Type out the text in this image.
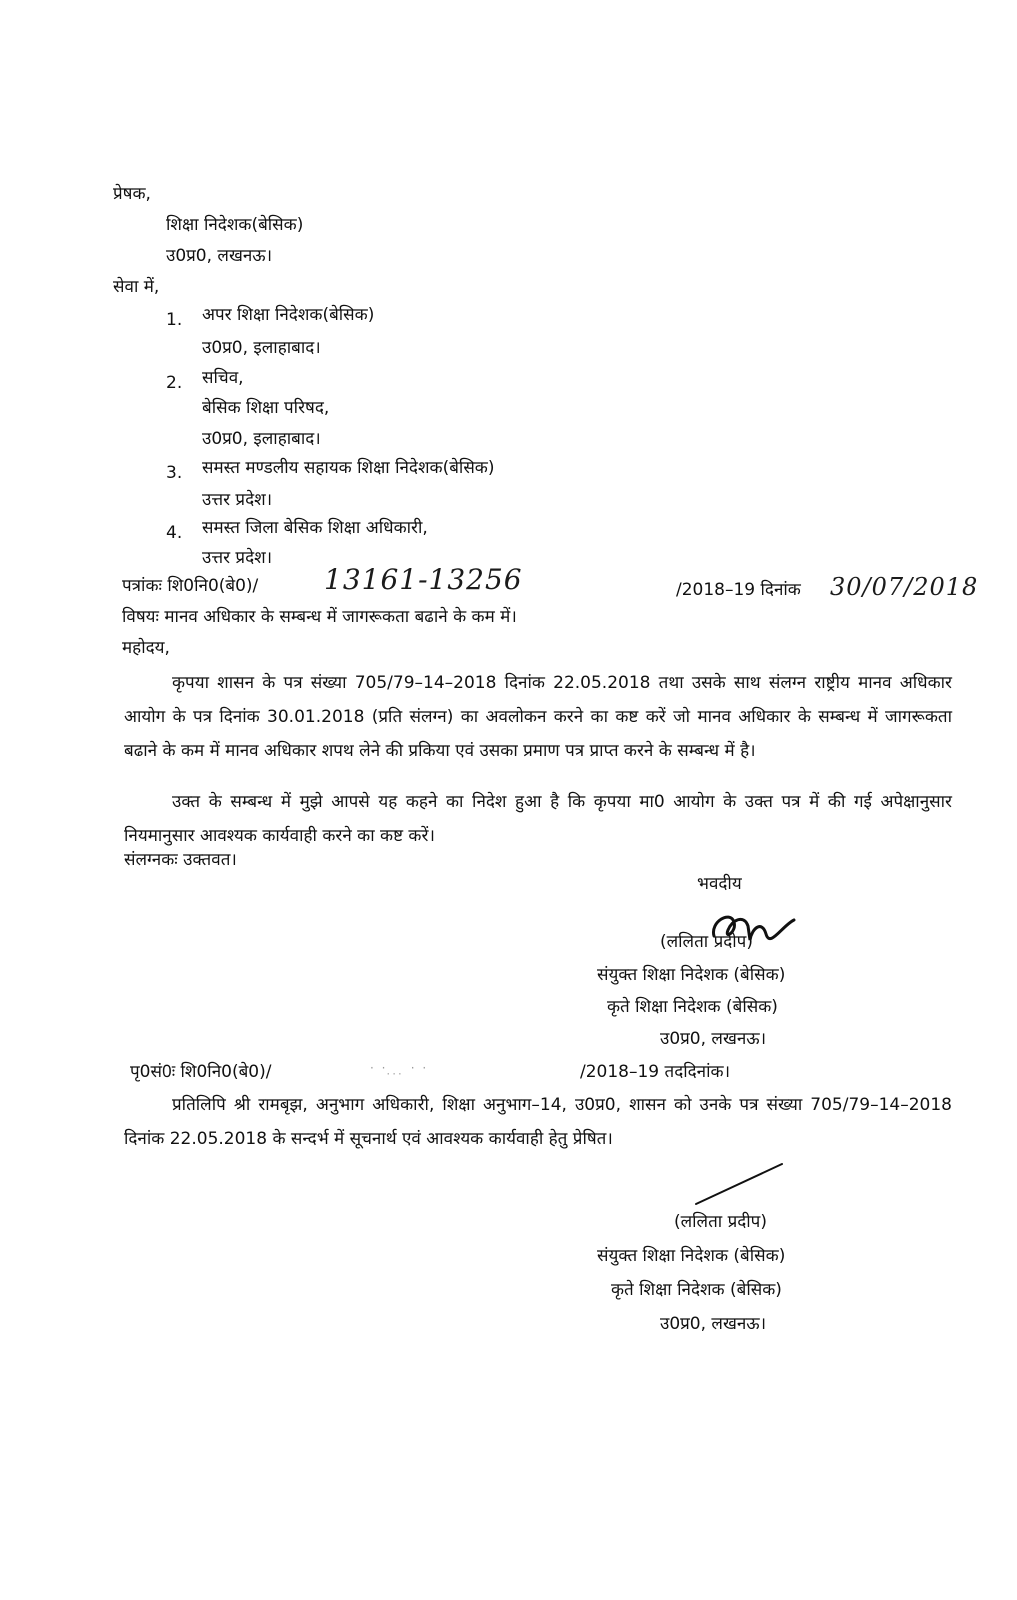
प्रेषक,
शिक्षा निदेशक(बेसिक)
उ0प्र0, लखनऊ।
सेवा में,
1. अपर शिक्षा निदेशक(बेसिक)
उ0प्र0, इलाहाबाद।
2. सचिव,
बेसिक शिक्षा परिषद,
उ0प्र0, इलाहाबाद।
3. समस्त मण्डलीय सहायक शिक्षा निदेशक(बेसिक)
उत्तर प्रदेश।
4. समस्त जिला बेसिक शिक्षा अधिकारी,
उत्तर प्रदेश।
पत्रांकः शि0नि0(बे0)/ 13161-13256	/2018–19 दिनांक 30/07/2018
विषयः मानव अधिकार के सम्बन्ध में जागरूकता बढाने के कम में।
महोदय,
कृपया शासन के पत्र संख्या 705/79–14–2018 दिनांक 22.05.2018 तथा उसके साथ संलग्न राष्ट्रीय मानव अधिकार आयोग के पत्र दिनांक 30.01.2018 (प्रति संलग्न) का अवलोकन करने का कष्ट करें जो मानव अधिकार के सम्बन्ध में जागरूकता बढाने के कम में मानव अधिकार शपथ लेने की प्रकिया एवं उसका प्रमाण पत्र प्राप्त करने के सम्बन्ध में है।
उक्त के सम्बन्ध में मुझे आपसे यह कहने का निदेश हुआ है कि कृपया मा0 आयोग के उक्त पत्र में की गई अपेक्षानुसार नियमानुसार आवश्यक कार्यवाही करने का कष्ट करें।
संलग्नकः उक्तवत।
भवदीय
(ललिता प्रदीप)
संयुक्त शिक्षा निदेशक (बेसिक)
कृते शिक्षा निदेशक (बेसिक)
उ0प्र0, लखनऊ।
पृ0सं0ः शि0नि0(बे0)/	· · ̣ ̣ ̣ · ·	/2018–19 तददिनांक।
प्रतिलिपि श्री रामबृझ, अनुभाग अधिकारी, शिक्षा अनुभाग–14, उ0प्र0, शासन को उनके पत्र संख्या 705/79–14–2018 दिनांक 22.05.2018 के सन्दर्भ में सूचनार्थ एवं आवश्यक कार्यवाही हेतु प्रेषित।
(ललिता प्रदीप)
संयुक्त शिक्षा निदेशक (बेसिक)
कृते शिक्षा निदेशक (बेसिक)
उ0प्र0, लखनऊ।
